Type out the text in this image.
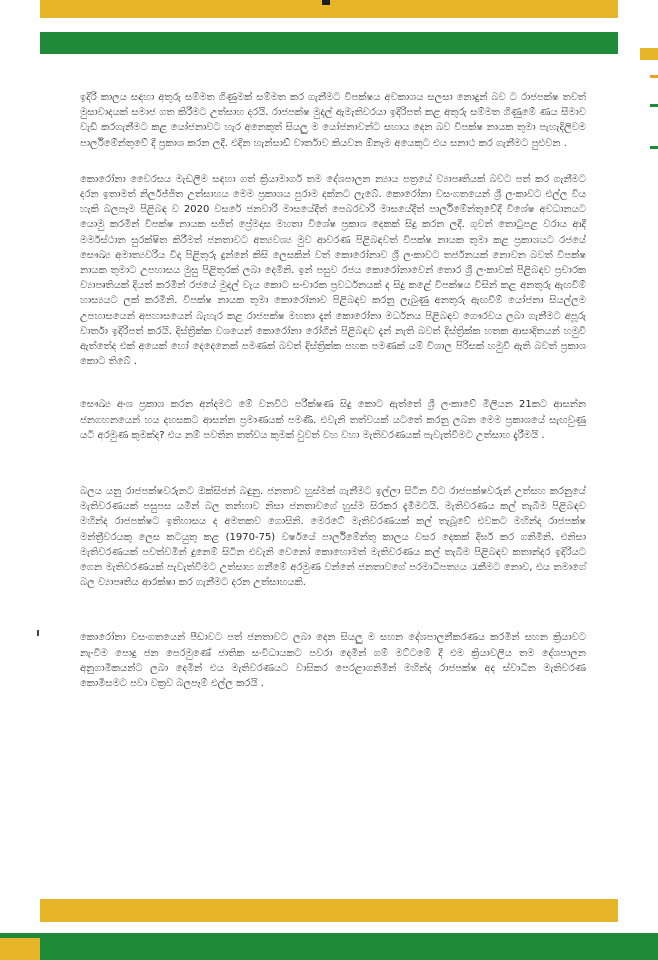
ඉදිරි කාලය සඳහා අතුරු සම්මත ගිණුමක් සම්මත කර ගැනීමට විපක්ෂය අවකාශය සලසා නොදුන් බව ට රාජපක්ෂ තවත් මුසාවාදයක් සමාජ ගත කිරීමට උත්සාහ දරයි. රාජපක්ෂ මුදල් ඇමැතිවරයා ඉදිරිපත් කළ අතුරු සම්මත ගිණුමේ ණය සීමාව වැඩි කරගැනීමට කළ යෝජනාවට හැර අනෙකුත් සියලු ම යෝජනාවන්ට සහාය දෙන බව විපක්ෂ නායක තුමා පැහැදිලිවම පාර්ලිමේන්තුවේ දී ප්‍රකාශ කරන ලදී. එදින හැන්සාඩ් වාර්තාව කියවන ඕනෑම අයෙකුට එය සනාථ කර ගැනීමට පුළුවන .

කොරෝනා වෛරසය මැඩලීම සඳහා ගත් ක්‍රියාමාර්ග තම දේශපාලන න්‍යාය පත්‍රයේ ව්‍යාපෘතියක් බවට පත් කර ගැනීමට දරන ඉතාමත් නිර්ලජ්ජිත උත්සාහය මෙම ප්‍රකාශය පුරාම දක්නට ලැබේ. කොරෝනා වසංගතයෙන් ශ්‍රී ලංකාවට එල්ල විය හැකි බලපෑම පිළිබඳ ව 2020 වසරේ ජනවාරි මාසයේදීත් පෙබරවාරි මාසයේදීත් පාර්ලිමේන්තුවේදී විශේෂ අවධානයට යොමු කරමින් විපක්ෂ නායක සජිත් ප්‍රේමදාස මහතා විශේෂ ප්‍රකාශ දෙකක් සිදු කරන ලදී. ගුවන් තොටුපළ වරාය ආදී මර්මස්ථාන සුරක්ෂිත කිරීමත් ජනතාවට අත්‍යවශ්‍ය මුව ආවරණ පිළිබඳවත් විපක්ෂ නායක තුමා කළ ප්‍රකාශයට රජයේ සෞඛ්‍ය අමාත්‍යවරිය විදා පිළිතුරු දුන්නේ කිසි ලෙසකින් වත් කොරෝනාව ශ්‍රී ලංකාවට තර්ජනයක් නොවන බවත් විපක්ෂ නායක තුමාට උපහාසය මුසු පිළිතුරක් ලබා දෙමිනි. ඉන් පසුව රජය කොරෝනාවෙන් තොර ශ්‍රී ලංකාවක් පිළිබඳව ප්‍රචාරක ව්‍යාපෘතියක් දියත් කරමින් රජයේ මුදල් වැය කොට සංචාරක ප්‍රවර්ධනයක් ද සිදු කළේ විපක්ෂය විසින් කළ අනතුරු ඇඟවීම් හාස්‍යයට ලක් කරමිනි. විපක්ෂ නායක තුමා කොරෝනාව පිළිබඳව කරනු ලැබුණු අනතුරු ඇඟවීම් යෝජනා සියල්ලම උපහාසයෙන් අපහාසයෙන් බැහැර කළ රාජපක්ෂ මහතා දැන් කොරෝනා මර්ධනය පිළිබඳව ගෞරවය ලබා ගැනීමට අපූරු වාර්තා ඉදිරිපත් කරයි. දිස්ත්‍රික්ක වශයෙන් කොරෝනා රෝගීන් පිළිබඳව දැන් නැති බවත් දිස්ත්‍රික්ක හතක ආසාදිතයන් හමුවී ඇත්තේද එක් අයෙක් හෝ දෙදෙනෙක් පමණක් බවත් දිස්ත්‍රික්ක පහක පමණක් යම් විශාල පිරිසක් හමුවී ඇති බවත් ප්‍රකාශ කොට තිබේ .

සෞඛ්‍ය අංශ ප්‍රකාශ කරන අන්දමට මේ වනවිට පරීක්ෂණ සිදු කොට ඇත්තේ ශ්‍රී ලංකාවේ මිලියන 21කට ආසන්න ජනගහනයෙන් හය දහසකට ආසන්න ප්‍රමාණයක් පමණි. එවැනි තත්වයක් යටතේ කරනු ලබන මෙම ප්‍රකාශයේ සැඟවුණු යටි අරමුණ කුමක්ද? එය නම් පවතින තත්වය කුමක් වුවත් වහ වහා මැතිවරණයක් පැවැත්වීමට උත්සාහ දැරීමයි .

බලය යනු රාජපක්ෂවරුනට ඔක්සිජන් බඳුනු. ජනතාව හුස්මක් ගැනීමට ඉල්ලා සිටින විට රාජපක්ෂවරුන් උත්සහ කරනුයේ මැතිවරණයක් පසුපස යමින් බල තන්හාව නිසා ජනතාවගේ හුස්ම සිරකර දැමීමටයි. මැතිවරණය කල් තැබීම පිළිබඳව මහින්ද රාජපක්ෂට ඉතිහාසය ද අමතකව ගොසිනි. මෙරටේ මැතිවරණයක් කල් තැබූවේ එවකට මහින්ද රාජපක්ෂ මන්ත්‍රීවරයකු ලෙස කටයුතු කළ (1970-75) වර්ෂයේ පාර්ලිමේන්තු කාලය වසර දෙකක් දීර්ඝ කර ගනිමිනි. එනිසා මැතිවරණයක් පවත්වමින් දුනෙම් සිටින එවැනි වෙනෝ කොහොමත් මැතිවරණය කල් තැබීම පිළිබඳව කතාන්දර ඉදිරියට ගෙන මැතිවරණයක් පැවැත්වීමට උත්සාහ ගනීමේ අරමුණ වන්නේ ජනතාවගේ පරමාධිපත්‍යය රැකීමට නොව, එය තමාගේ බල ව්‍යාපෘතිය ආරක්ෂා කර ගැනීමට දරන උත්සාහයකි.

කොරෝනා වසංගතයෙන් පීඩාවට පත් ජනතාවට ලබා දෙන සියලු ම සහන දේශපාලනීකරණය කරමින් සහන ක්‍රියාවට නැංවීම පොදු ජන පෙරමුණේ ජාතික සංවිධායකට පවරා දෙමින් ගම් මට්ටමේ දී එම ක්‍රියාවලිය තම දේශපාලන අනුගාමිකයන්ට ලබා දෙමින් එය මැතිවරණයට වාසිකර පෙරළාගනිමින් මහින්ද රාජපක්ෂ අද ස්වාධීන මැතිවරණ කොමිසමට පවා වක්‍රව බලපෑම් එල්ල කරයි .
